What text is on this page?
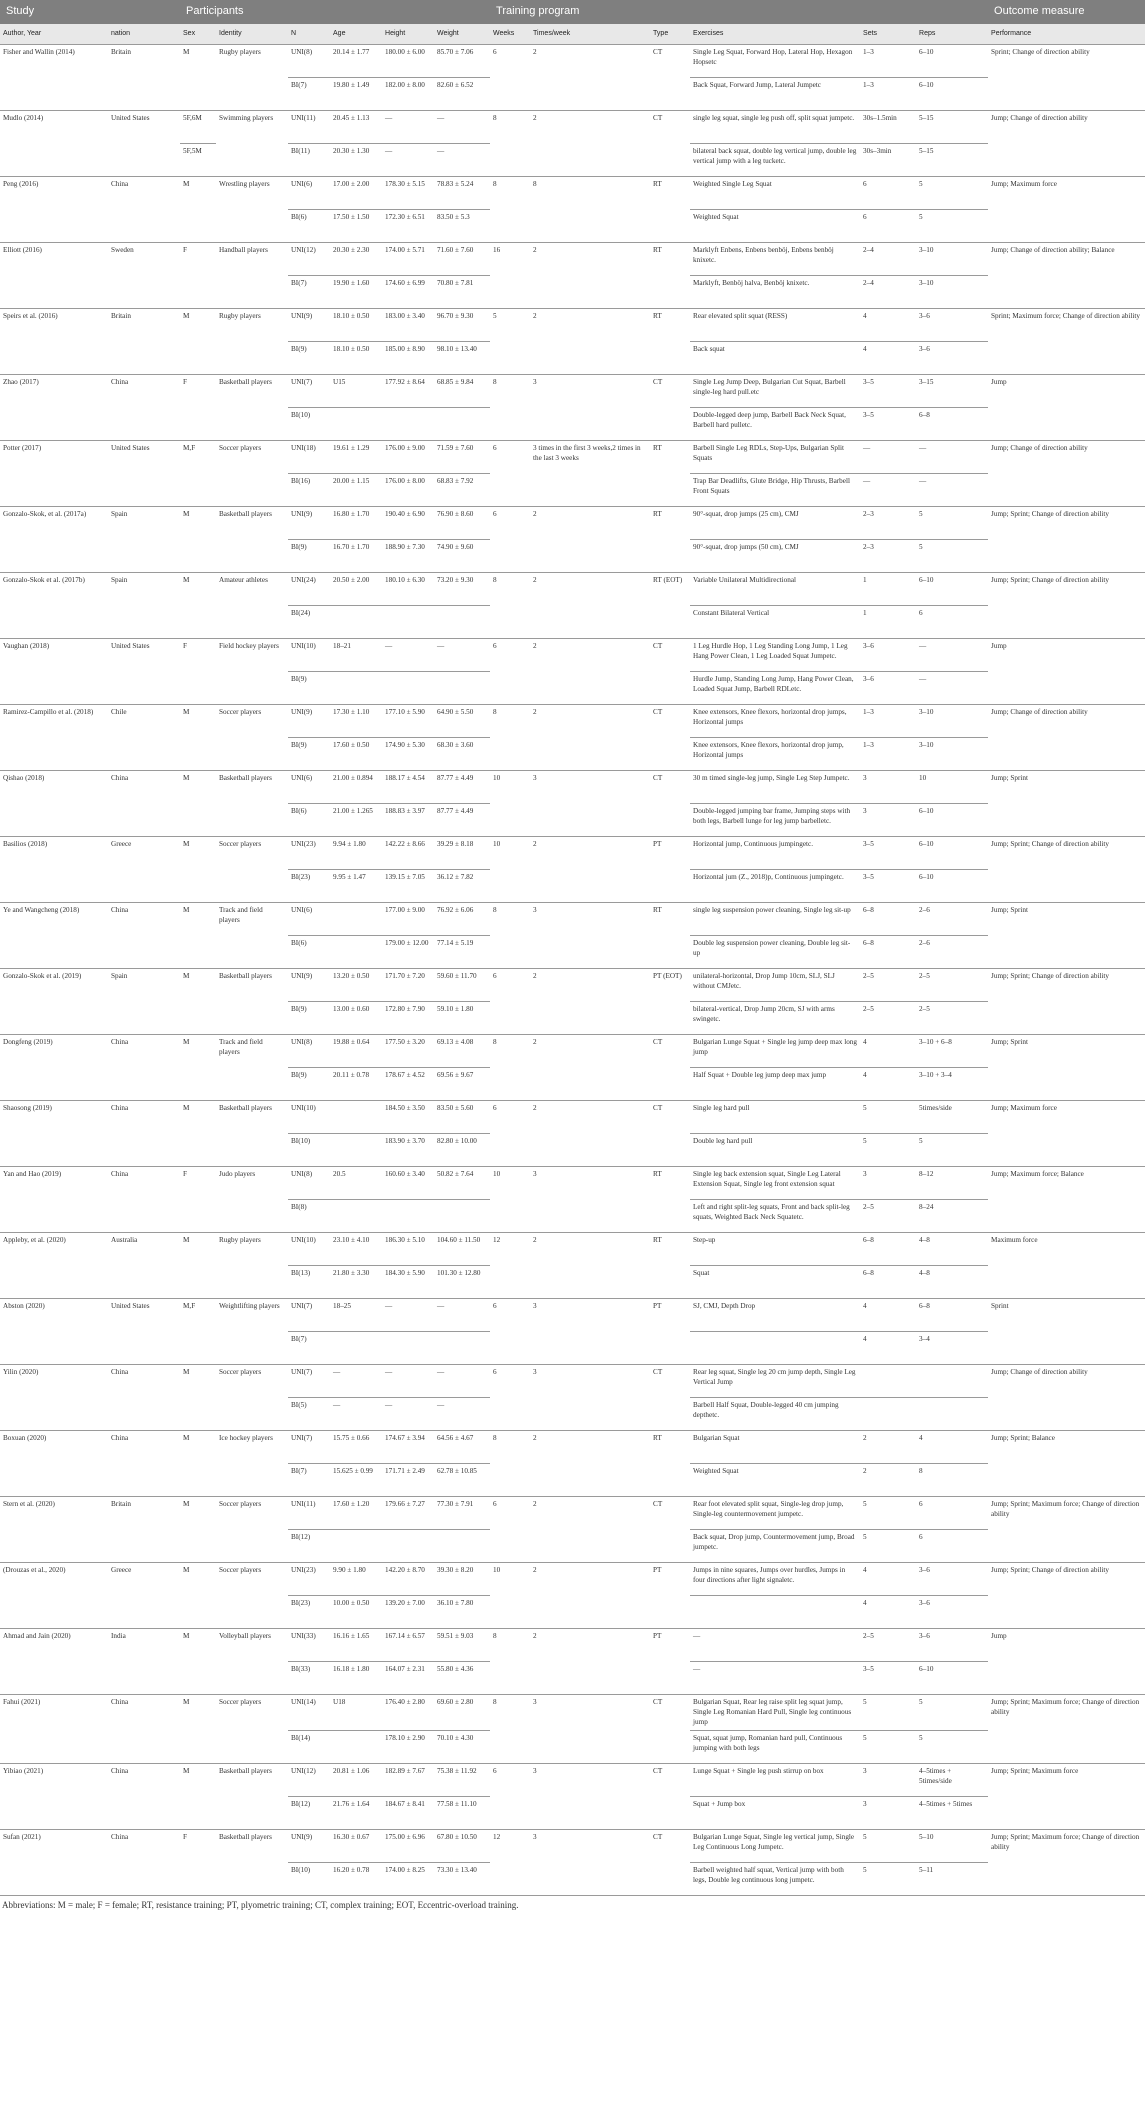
Study		Participants						Training program						Outcome measure
Author, Year	nation	Sex	Identity	N	Age	Height	Weight	Weeks	Times/week	Type	Exercises	Sets	Reps	Performance
Fisher and Wallin (2014)	Britain	M	Rugby players	UNI(8)	20.14 ± 1.77	180.00 ± 6.00	85.70 ± 7.06	6	2	CT	Single Leg Squat, Forward Hop, Lateral Hop, Hexagon Hopsetc	1–3	6–10	Sprint; Change of direction ability
				BI(7)	19.80 ± 1.49	182.00 ± 8.00	82.60 ± 6.52				Back Squat, Forward Jump, Lateral Jumpetc	1–3	6–10	
Mudlo (2014)	United States	5F,6M	Swimming players	UNI(11)	20.45 ± 1.13	—	—	8	2	CT	single leg squat, single leg push off, split squat jumpetc.	30s–1.5min	5–15	Jump; Change of direction ability
		5F,5M		BI(11)	20.30 ± 1.30	—	—				bilateral back squat, double leg vertical jump, double leg vertical jump with a leg tucketc.	30s–3min	5–15	
Peng (2016)	China	M	Wrestling players	UNI(6)	17.00 ± 2.00	178.30 ± 5.15	78.83 ± 5.24	8	8	RT	Weighted Single Leg Squat	6	5	Jump; Maximum force
				BI(6)	17.50 ± 1.50	172.30 ± 6.51	83.50 ± 5.3				Weighted Squat	6	5	
Elliott (2016)	Sweden	F	Handball players	UNI(12)	20.30 ± 2.30	174.00 ± 5.71	71.60 ± 7.60	16	2	RT	Marklyft Enbens, Enbens benböj, Enbens benböj knixetc.	2–4	3–10	Jump; Change of direction ability; Balance
				BI(7)	19.90 ± 1.60	174.60 ± 6.99	70.80 ± 7.81				Marklyft, Benböj halva, Benböj knixetc.	2–4	3–10	
Speirs et al. (2016)	Britain	M	Rugby players	UNI(9)	18.10 ± 0.50	183.00 ± 3.40	96.70 ± 9.30	5	2	RT	Rear elevated split squat (RESS)	4	3–6	Sprint; Maximum force; Change of direction ability
				BI(9)	18.10 ± 0.50	185.00 ± 8.90	98.10 ± 13.40				Back squat	4	3–6	
Zhao (2017)	China	F	Basketball players	UNI(7)	U15	177.92 ± 8.64	68.85 ± 9.84	8	3	CT	Single Leg Jump Deep, Bulgarian Cut Squat, Barbell single-leg hard pull.etc	3–5	3–15	Jump
				BI(10)							Double-legged deep jump, Barbell Back Neck Squat, Barbell hard pulletc.	3–5	6–8	
Potter (2017)	United States	M,F	Soccer players	UNI(18)	19.61 ± 1.29	176.00 ± 9.00	71.59 ± 7.60	6	3 times in the first 3 weeks,2 times in the last 3 weeks	RT	Barbell Single Leg RDLs, Step-Ups, Bulgarian Split Squats	—	—	Jump; Change of direction ability
				BI(16)	20.00 ± 1.15	176.00 ± 8.00	68.83 ± 7.92				Trap Bar Deadlifts, Glute Bridge, Hip Thrusts, Barbell Front Squats	—	—	
Gonzalo-Skok, et al. (2017a)	Spain	M	Basketball players	UNI(9)	16.80 ± 1.70	190.40 ± 6.90	76.90 ± 8.60	6	2	RT	90°-squat, drop jumps (25 cm), CMJ	2–3	5	Jump; Sprint; Change of direction ability
				BI(9)	16.70 ± 1.70	188.90 ± 7.30	74.90 ± 9.60				90°-squat, drop jumps (50 cm), CMJ	2–3	5	
Gonzalo-Skok et al. (2017b)	Spain	M	Amateur athletes	UNI(24)	20.50 ± 2.00	180.10 ± 6.30	73.20 ± 9.30	8	2	RT (EOT)	Variable Unilateral Multidirectional	1	6–10	Jump; Sprint; Change of direction ability
				BI(24)							Constant Bilateral Vertical	1	6	
Vaughan (2018)	United States	F	Field hockey players	UNI(10)	18–21	—	—	6	2	CT	1 Leg Hurdle Hop, 1 Leg Standing Long Jump, 1 Leg Hang Power Clean, 1 Leg Loaded Squat Jumpetc.	3–6	—	Jump
				BI(9)							Hurdle Jump, Standing Long Jump, Hang Power Clean, Loaded Squat Jump, Barbell RDLetc.	3–6	—	
Ramirez-Campillo et al. (2018)	Chile	M	Soccer players	UNI(9)	17.30 ± 1.10	177.10 ± 5.90	64.90 ± 5.50	8	2	CT	Knee extensors, Knee flexors, horizontal drop jumps, Horizontal jumps	1–3	3–10	Jump; Change of direction ability
				BI(9)	17.60 ± 0.50	174.90 ± 5.30	68.30 ± 3.60				Knee extensors, Knee flexors, horizontal drop jump, Horizontal jumps	1–3	3–10	
Qishao (2018)	China	M	Basketball players	UNI(6)	21.00 ± 0.894	188.17 ± 4.54	87.77 ± 4.49	10	3	CT	30 m timed single-leg jump, Single Leg Step Jumpetc.	3	10	Jump; Sprint
				BI(6)	21.00 ± 1.265	188.83 ± 3.97	87.77 ± 4.49				Double-legged jumping bar frame, Jumping steps with both legs, Barbell lunge for leg jump barbelletc.	3	6–10	
Basilios (2018)	Greece	M	Soccer players	UNI(23)	9.94 ± 1.80	142.22 ± 8.66	39.29 ± 8.18	10	2	PT	Horizontal jump, Continuous jumpingetc.	3–5	6–10	Jump; Sprint; Change of direction ability
				BI(23)	9.95 ± 1.47	139.15 ± 7.05	36.12 ± 7.82				Horizontal jum (Z., 2018)p, Continuous jumpingetc.	3–5	6–10	
Ye and Wangcheng (2018)	China	M	Track and field players	UNI(6)		177.00 ± 9.00	76.92 ± 6.06	8	3	RT	single leg suspension power cleaning, Single leg sit-up	6–8	2–6	Jump; Sprint
				BI(6)		179.00 ± 12.00	77.14 ± 5.19				Double leg suspension power cleaning, Double leg sit-up	6–8	2–6	
Gonzalo-Skok et al. (2019)	Spain	M	Basketball players	UNI(9)	13.20 ± 0.50	171.70 ± 7.20	59.60 ± 11.70	6	2	PT (EOT)	unilateral-horizontal, Drop Jump 10cm, SLJ, SLJ without CMJetc.	2–5	2–5	Jump; Sprint; Change of direction ability
				BI(9)	13.00 ± 0.60	172.80 ± 7.90	59.10 ± 1.80				bilateral-vertical, Drop Jump 20cm, SJ with arms swingetc.	2–5	2–5	
Dongfeng (2019)	China	M	Track and field players	UNI(8)	19.88 ± 0.64	177.50 ± 3.20	69.13 ± 4.08	8	2	CT	Bulgarian Lunge Squat + Single leg jump deep max long jump	4	3–10 + 6–8	Jump; Sprint
				BI(9)	20.11 ± 0.78	178.67 ± 4.52	69.56 ± 9.67				Half Squat + Double leg jump deep max jump	4	3–10 + 3–4	
Shaosong (2019)	China	M	Basketball players	UNI(10)		184.50 ± 3.50	83.50 ± 5.60	6	2	CT	Single leg hard pull	5	5times/side	Jump; Maximum force
				BI(10)		183.90 ± 3.70	82.80 ± 10.00				Double leg hard pull	5	5	
Yan and Hao (2019)	China	F	Judo players	UNI(8)	20.5	160.60 ± 3.40	50.82 ± 7.64	10	3	RT	Single leg back extension squat, Single Leg Lateral Extension Squat, Single leg front extension squat	3	8–12	Jump; Maximum force; Balance
				BI(8)							Left and right split-leg squats, Front and back split-leg squats, Weighted Back Neck Squatetc.	2–5	8–24	
Appleby, et al. (2020)	Australia	M	Rugby players	UNI(10)	23.10 ± 4.10	186.30 ± 5.10	104.60 ± 11.50	12	2	RT	Step-up	6–8	4–8	Maximum force
				BI(13)	21.80 ± 3.30	184.30 ± 5.90	101.30 ± 12.80				Squat	6–8	4–8	
Abston (2020)	United States	M,F	Weightlifting players	UNI(7)	18–25	—	—	6	3	PT	SJ, CMJ, Depth Drop	4	6–8	Sprint
				BI(7)								4	3–4	
Yilin (2020)	China	M	Soccer players	UNI(7)	—	—	—	6	3	CT	Rear leg squat, Single leg 20 cm jump depth, Single Leg Vertical Jump			Jump; Change of direction ability
				BI(5)	—	—	—				Barbell Half Squat, Double-legged 40 cm jumping depthetc.			
Boxuan (2020)	China	M	Ice hockey players	UNI(7)	15.75 ± 0.66	174.67 ± 3.94	64.56 ± 4.67	8	2	RT	Bulgarian Squat	2	4	Jump; Sprint; Balance
				BI(7)	15.625 ± 0.99	171.71 ± 2.49	62.78 ± 10.85				Weighted Squat	2	8	
Stern et al. (2020)	Britain	M	Soccer players	UNI(11)	17.60 ± 1.20	179.66 ± 7.27	77.30 ± 7.91	6	2	CT	Rear foot elevated split squat, Single-leg drop jump, Single-leg countermovement jumpetc.	5	6	Jump; Sprint; Maximum force; Change of direction ability
				BI(12)							Back squat, Drop jump, Countermovement jump, Broad jumpetc.	5	6	
(Drouzas et al., 2020)	Greece	M	Soccer players	UNI(23)	9.90 ± 1.80	142.20 ± 8.70	39.30 ± 8.20	10	2	PT	Jumps in nine squares, Jumps over hurdles, Jumps in four directions after light signaletc.	4	3–6	Jump; Sprint; Change of direction ability
				BI(23)	10.00 ± 0.50	139.20 ± 7.00	36.10 ± 7.80					4	3–6	
Ahmad and Jain (2020)	India	M	Volleyball players	UNI(33)	16.16 ± 1.65	167.14 ± 6.57	59.51 ± 9.03	8	2	PT	—	2–5	3–6	Jump
				BI(33)	16.18 ± 1.80	164.07 ± 2.31	55.80 ± 4.36				—	3–5	6–10	
Fahui (2021)	China	M	Soccer players	UNI(14)	U18	176.40 ± 2.80	69.60 ± 2.80	8	3	CT	Bulgarian Squat, Rear leg raise split leg squat jump, Single Leg Romanian Hard Pull, Single leg continuous jump	5	5	Jump; Sprint; Maximum force; Change of direction ability
				BI(14)		178.10 ± 2.90	70.10 ± 4.30				Squat, squat jump, Romanian hard pull, Continuous jumping with both legs	5	5	
Yibiao (2021)	China	M	Basketball players	UNI(12)	20.81 ± 1.06	182.89 ± 7.67	75.38 ± 11.92	6	3	CT	Lunge Squat + Single leg push stirrup on box	3	4–5times + 5times/side	Jump; Sprint; Maximum force
				BI(12)	21.76 ± 1.64	184.67 ± 8.41	77.58 ± 11.10				Squat + Jump box	3	4–5times + 5times	
Sufan (2021)	China	F	Basketball players	UNI(9)	16.30 ± 0.67	175.00 ± 6.96	67.80 ± 10.50	12	3	CT	Bulgarian Lunge Squat, Single leg vertical jump, Single Leg Continuous Long Jumpetc.	5	5–10	Jump; Sprint; Maximum force; Change of direction ability
				BI(10)	16.20 ± 0.78	174.00 ± 8.25	73.30 ± 13.40				Barbell weighted half squat, Vertical jump with both legs, Double leg continuous long jumpetc.	5	5–11	
Abbreviations: M = male; F = female; RT, resistance training; PT, plyometric training; CT, complex training; EOT, Eccentric-overload training.
